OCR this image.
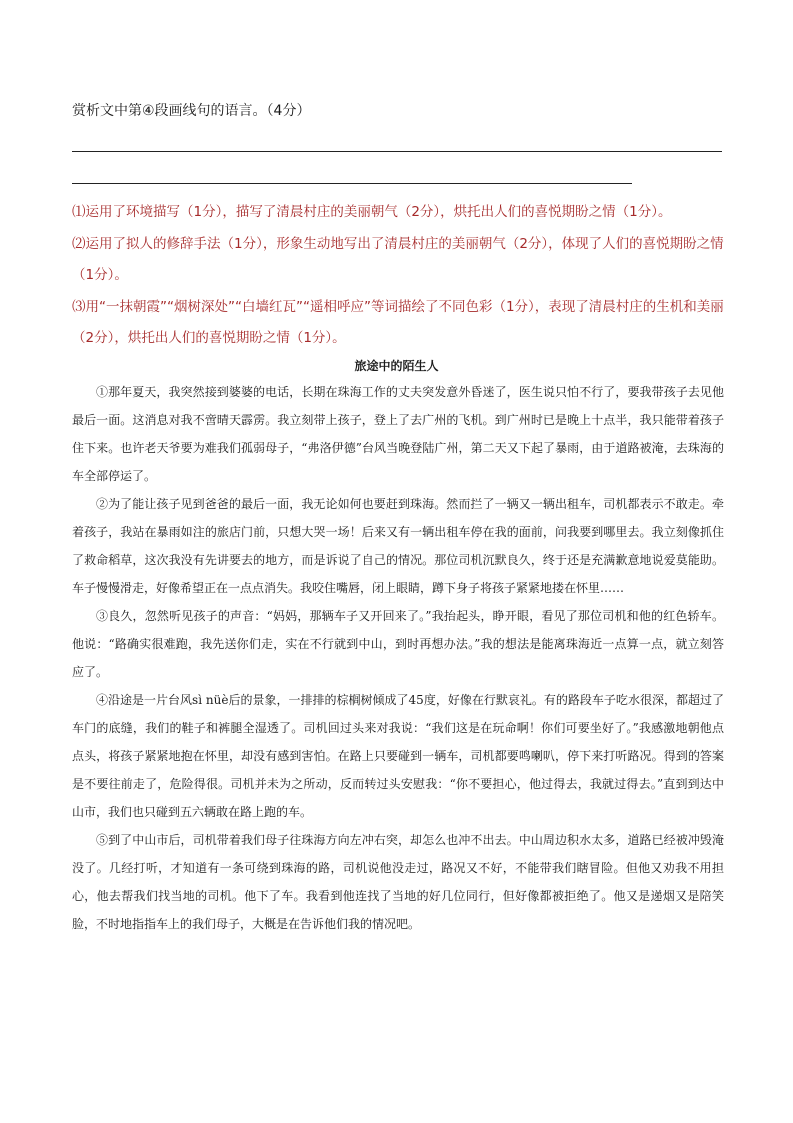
赏析文中第④段画线句的语言。（4分）

⑴运用了环境描写（1分），描写了清晨村庄的美丽朝气（2分），烘托出人们的喜悦期盼之情（1分）。

⑵运用了拟人的修辞手法（1分），形象生动地写出了清晨村庄的美丽朝气（2分），体现了人们的喜悦期盼之情（1分）。

⑶用“一抹朝霞”“烟树深处”“白墙红瓦”“遥相呼应”等词描绘了不同色彩（1分），表现了清晨村庄的生机和美丽（2分），烘托出人们的喜悦期盼之情（1分）。

旅途中的陌生人

①那年夏天，我突然接到婆婆的电话，长期在珠海工作的丈夫突发意外昏迷了，医生说只怕不行了，要我带孩子去见他最后一面。这消息对我不啻晴天霹雳。我立刻带上孩子，登上了去广州的飞机。到广州时已是晚上十点半，我只能带着孩子住下来。也许老天爷要为难我们孤弱母子，“弗洛伊德”台风当晚登陆广州，第二天又下起了暴雨，由于道路被淹，去珠海的车全部停运了。

②为了能让孩子见到爸爸的最后一面，我无论如何也要赶到珠海。然而拦了一辆又一辆出租车，司机都表示不敢走。牵着孩子，我站在暴雨如注的旅店门前，只想大哭一场！后来又有一辆出租车停在我的面前，问我要到哪里去。我立刻像抓住了救命稻草，这次我没有先讲要去的地方，而是诉说了自己的情况。那位司机沉默良久，终于还是充满歉意地说爱莫能助。车子慢慢滑走，好像希望正在一点点消失。我咬住嘴唇，闭上眼睛，蹲下身子将孩子紧紧地搂在怀里……

③良久，忽然听见孩子的声音：“妈妈，那辆车子又开回来了。”我抬起头，睁开眼，看见了那位司机和他的红色轿车。他说：“路确实很难跑，我先送你们走，实在不行就到中山，到时再想办法。”我的想法是能离珠海近一点算一点，就立刻答应了。

④沿途是一片台风sì nüè后的景象，一排排的棕榈树倾成了45度，好像在行默哀礼。有的路段车子吃水很深，都超过了车门的底缝，我们的鞋子和裤腿全湿透了。司机回过头来对我说：“我们这是在玩命啊！你们可要坐好了。”我感激地朝他点点头，将孩子紧紧地抱在怀里，却没有感到害怕。在路上只要碰到一辆车，司机都要鸣喇叭，停下来打听路况。得到的答案是不要往前走了，危险得很。司机并未为之所动，反而转过头安慰我：“你不要担心，他过得去，我就过得去。”直到到达中山市，我们也只碰到五六辆敢在路上跑的车。

⑤到了中山市后，司机带着我们母子往珠海方向左冲右突，却怎么也冲不出去。中山周边积水太多，道路已经被冲毁淹没了。几经打听，才知道有一条可绕到珠海的路，司机说他没走过，路况又不好，不能带我们瞎冒险。但他又劝我不用担心，他去帮我们找当地的司机。他下了车。我看到他连找了当地的好几位同行，但好像都被拒绝了。他又是递烟又是陪笑脸，不时地指指车上的我们母子，大概是在告诉他们我的情况吧。
